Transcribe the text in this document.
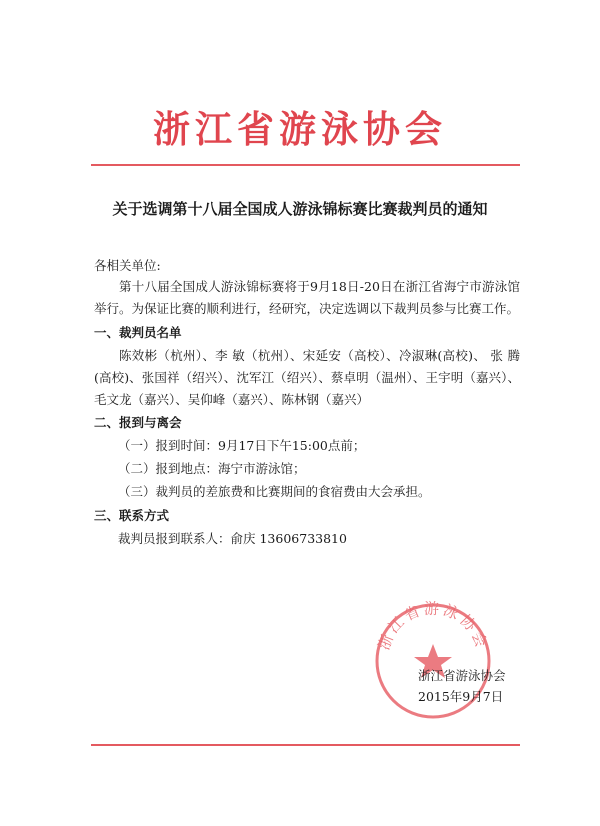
浙江省游泳协会
关于选调第十八届全国成人游泳锦标赛比赛裁判员的通知
各相关单位:
第十八届全国成人游泳锦标赛将于9月18日-20日在浙江省海宁市游泳馆举行。为保证比赛的顺利进行，经研究，决定选调以下裁判员参与比赛工作。
一、裁判员名单
陈效彬（杭州）、李 敏（杭州）、宋延安（高校）、冷淑琳(高校)、 张 腾(高校)、张国祥（绍兴）、沈军江（绍兴）、蔡卓明（温州）、王宇明（嘉兴）、毛文龙（嘉兴）、吴仰峰（嘉兴）、陈林钢（嘉兴）
二、报到与离会
（一）报到时间：9月17日下午15:00点前；
（二）报到地点：海宁市游泳馆；
（三）裁判员的差旅费和比赛期间的食宿费由大会承担。
三、联系方式
裁判员报到联系人：俞庆 13606733810
浙江省游泳协会
浙江省游泳协会
2015年9月7日
